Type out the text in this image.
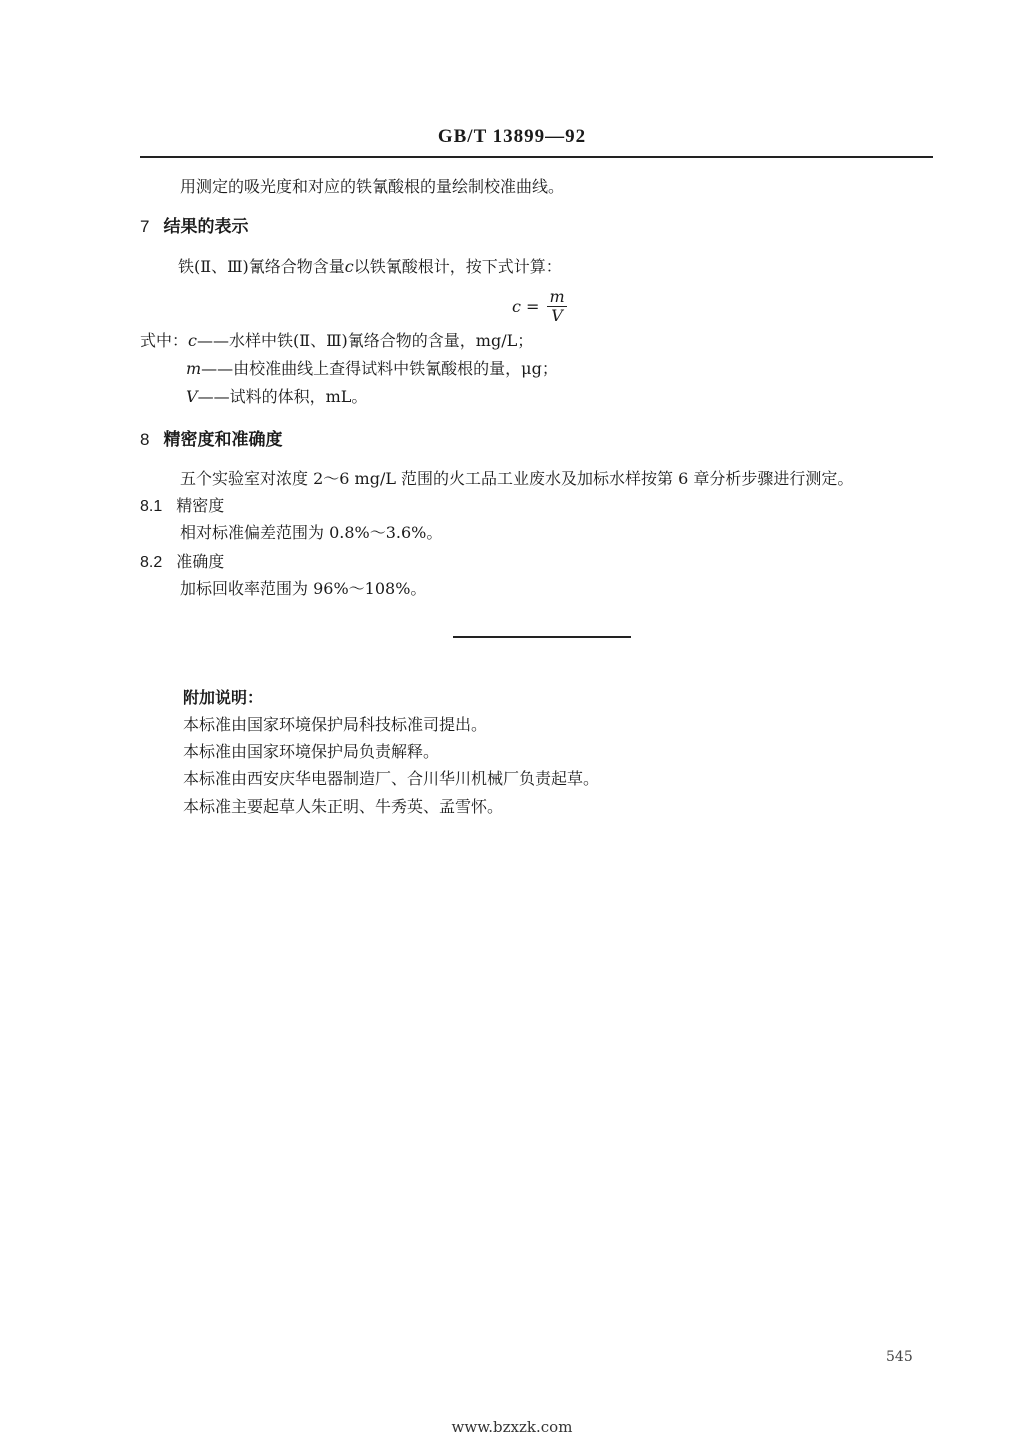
GB/T 13899—92
用测定的吸光度和对应的铁氰酸根的量绘制校准曲线。
7 结果的表示
铁(Ⅱ、Ⅲ)氰络合物含量c以铁氰酸根计，按下式计算：
$c = \frac{m}{V}$
式中：c——水样中铁(Ⅱ、Ⅲ)氰络合物的含量，mg/L；
m——由校准曲线上查得试料中铁氰酸根的量，μg；
V——试料的体积，mL。
8 精密度和准确度
五个实验室对浓度 2～6 mg/L 范围的火工品工业废水及加标水样按第 6 章分析步骤进行测定。
8.1 精密度
相对标准偏差范围为 0.8%～3.6%。
8.2 准确度
加标回收率范围为 96%～108%。
附加说明：
本标准由国家环境保护局科技标准司提出。
本标准由国家环境保护局负责解释。
本标准由西安庆华电器制造厂、合川华川机械厂负责起草。
本标准主要起草人朱正明、牛秀英、孟雪怀。
545
www.bzxzk.com
